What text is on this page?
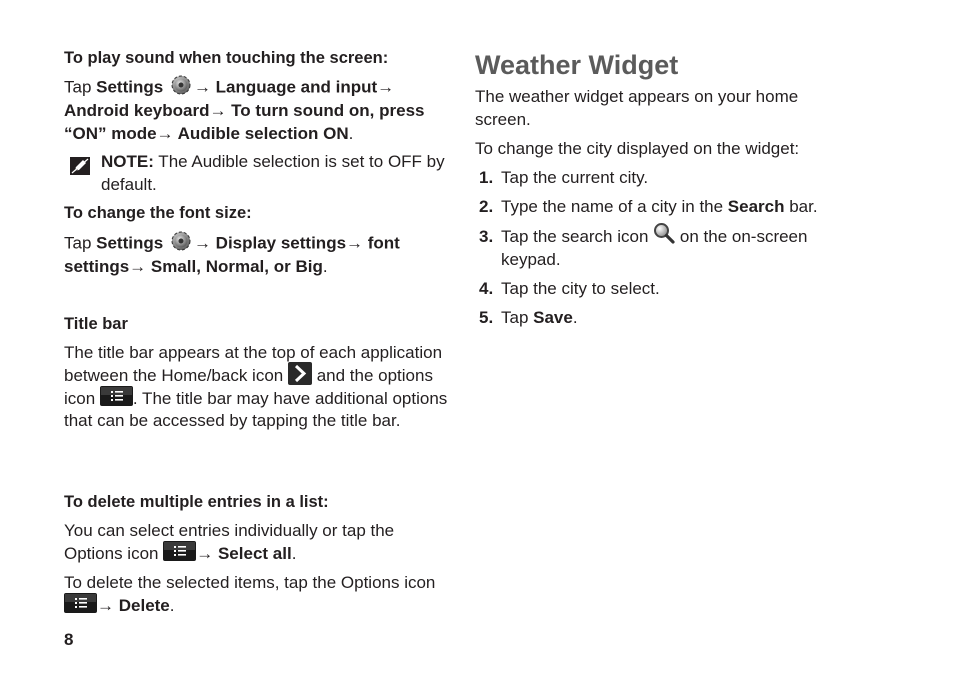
To play sound when touching the screen:

Tap Settings → Language and input→ Android keyboard→ To turn sound on, press “ON” mode→ Audible selection ON.

NOTE: The Audible selection is set to OFF by default.

To change the font size:

Tap Settings → Display settings→ font settings→ Small, Normal, or Big.

Title bar

The title bar appears at the top of each application between the Home/back icon  and the options icon . The title bar may have additional options that can be accessed by tapping the title bar.

To delete multiple entries in a list:

You can select entries individually or tap the Options icon → Select all.

To delete the selected items, tap the Options icon → Delete.

Weather Widget

The weather widget appears on your home screen.

To change the city displayed on the widget:

1. Tap the current city.
2. Type the name of a city in the Search bar.
3. Tap the search icon  on the on-screen keypad.
4. Tap the city to select.
5. Tap Save.

8
